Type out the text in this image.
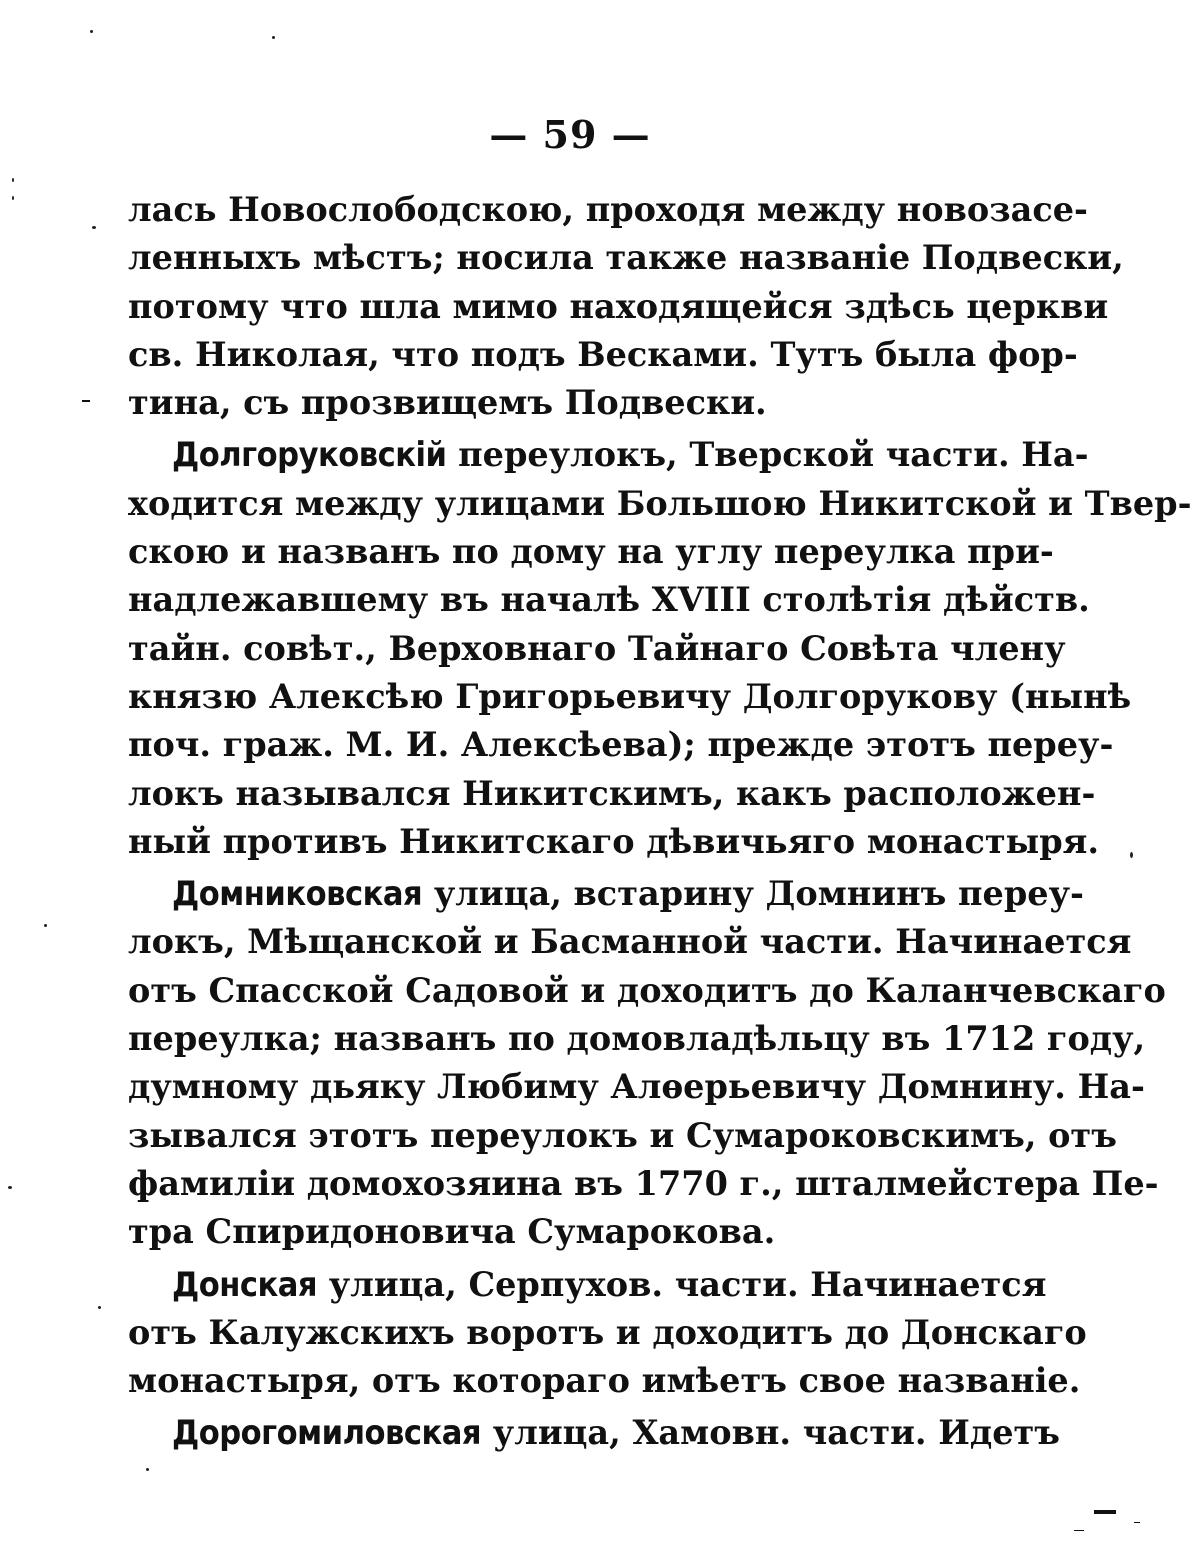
— 59 —
лась Новослободскою, проходя между новозасе-
ленныхъ мѣстъ; носила также названіе Подвески,
потому что шла мимо находящейся здѣсь церкви
св. Николая, что подъ Весками. Тутъ была фор-
тина, съ прозвищемъ Подвески.
Долгоруковскій переулокъ, Тверской части. На-
ходится между улицами Большою Никитской и Твер-
скою и названъ по дому на углу переулка при-
надлежавшему въ началѣ XVIII столѣтія дѣйств.
тайн. совѣт., Верховнаго Тайнаго Совѣта члену
князю Алексѣю Григорьевичу Долгорукову (нынѣ
поч. граж. М. И. Алексѣева); прежде этотъ переу-
локъ назывался Никитскимъ, какъ расположен-
ный противъ Никитскаго дѣвичьяго монастыря.
Домниковская улица, встарину Домнинъ переу-
локъ, Мѣщанской и Басманной части. Начинается
отъ Спасской Садовой и доходитъ до Каланчевскаго
переулка; названъ по домовладѣльцу въ 1712 году,
думному дьяку Любиму Алѳерьевичу Домнину. На-
зывался этотъ переулокъ и Сумароковскимъ, отъ
фамиліи домохозяина въ 1770 г., шталмейстера Пе-
тра Спиридоновича Сумарокова.
Донская улица, Серпухов. части. Начинается
отъ Калужскихъ воротъ и доходитъ до Донскаго
монастыря, отъ котораго имѣетъ свое названіе.
Дорогомиловская улица, Хамовн. части. Идетъ
